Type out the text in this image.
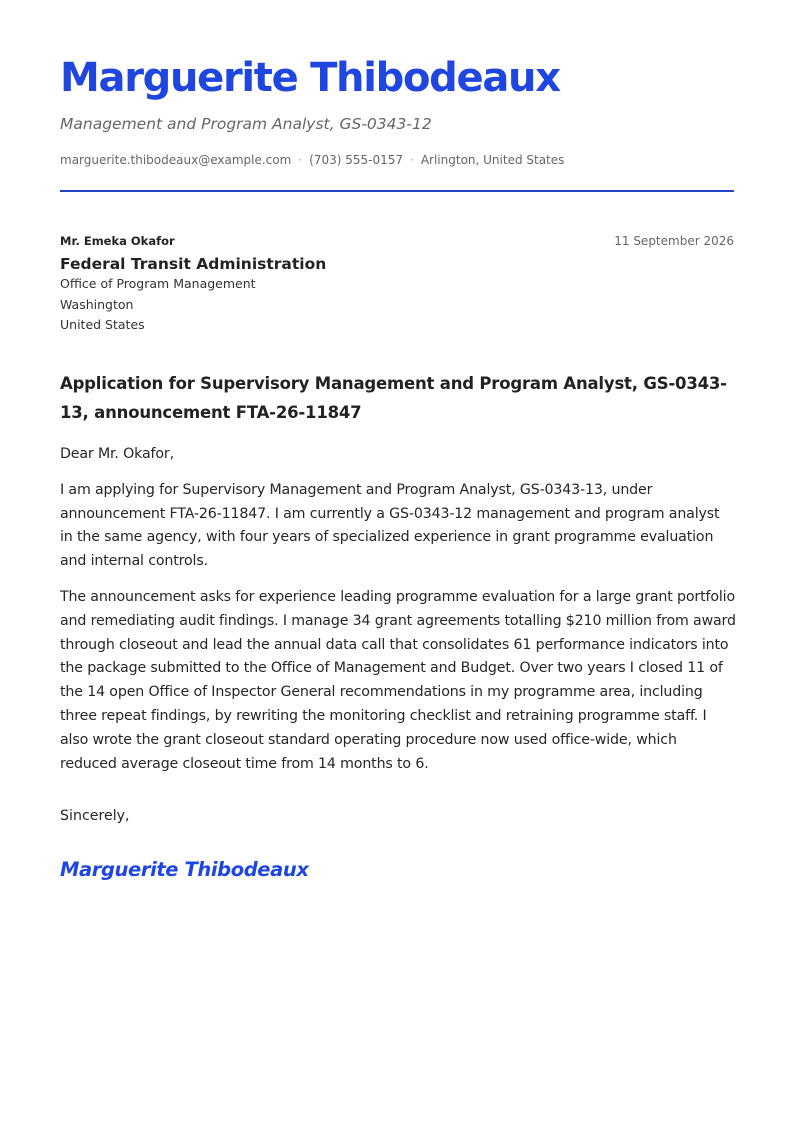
Marguerite Thibodeaux
Management and Program Analyst, GS-0343-12
marguerite.thibodeaux@example.com · (703) 555-0157 · Arlington, United States
Mr. Emeka Okafor	11 September 2026
Federal Transit Administration
Office of Program Management
Washington
United States
Application for Supervisory Management and Program Analyst, GS-0343-13, announcement FTA-26-11847

Dear Mr. Okafor,

I am applying for Supervisory Management and Program Analyst, GS-0343-13, under announcement FTA-26-11847. I am currently a GS-0343-12 management and program analyst in the same agency, with four years of specialized experience in grant programme evaluation and internal controls.

The announcement asks for experience leading programme evaluation for a large grant portfolio and remediating audit findings. I manage 34 grant agreements totalling $210 million from award through closeout and lead the annual data call that consolidates 61 performance indicators into the package submitted to the Office of Management and Budget. Over two years I closed 11 of the 14 open Office of Inspector General recommendations in my programme area, including three repeat findings, by rewriting the monitoring checklist and retraining programme staff. I also wrote the grant closeout standard operating procedure now used office-wide, which reduced average closeout time from 14 months to 6.

Sincerely,
Marguerite Thibodeaux
